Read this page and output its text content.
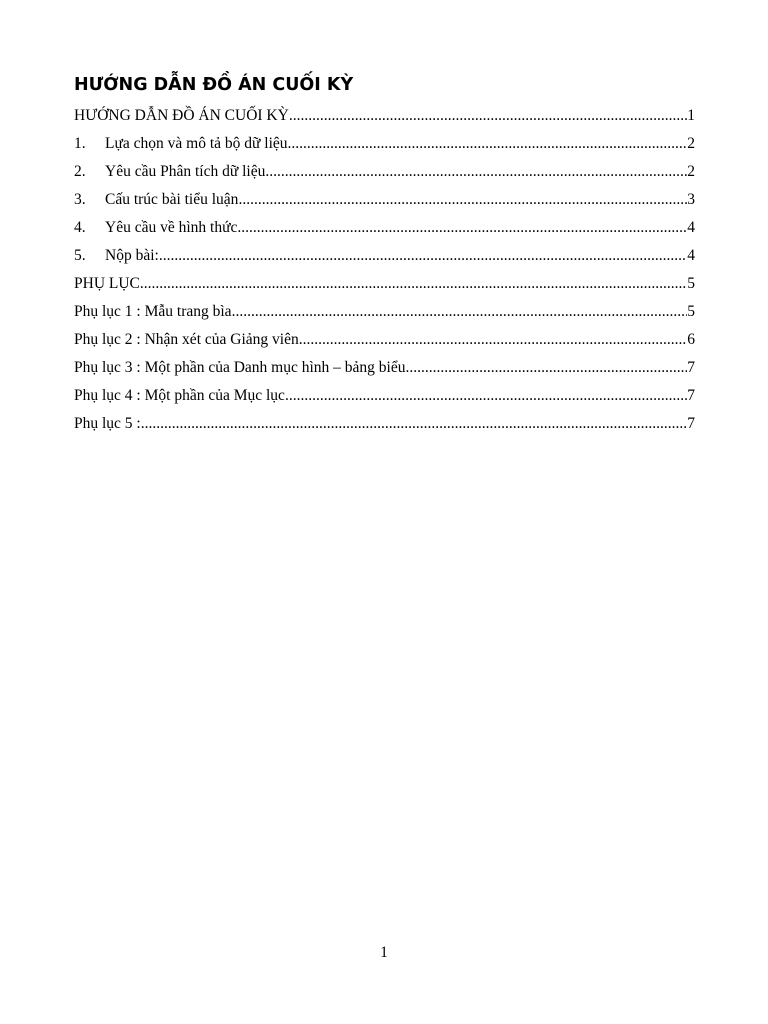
HƯỚNG DẪN ĐỒ ÁN CUỐI KỲ
HƯỚNG DẪN ĐỒ ÁN CUỐI KỲ .....	1
1.	Lựa chọn và mô tả bộ dữ liệu .....	2
2.	Yêu cầu Phân tích dữ liệu .....	2
3.	Cấu trúc bài tiểu luận .....	3
4.	Yêu cầu về hình thức .....	4
5.	Nộp bài: .....	4
PHỤ LỤC .....	5
Phụ lục 1 : Mẫu trang bìa .....	5
Phụ lục 2 : Nhận xét của Giảng viên .....	6
Phụ lục 3 : Một phần của Danh mục hình – bảng biểu .....	7
Phụ lục 4 : Một phần của Mục lục .....	7
Phụ lục 5 : .....	7
1
